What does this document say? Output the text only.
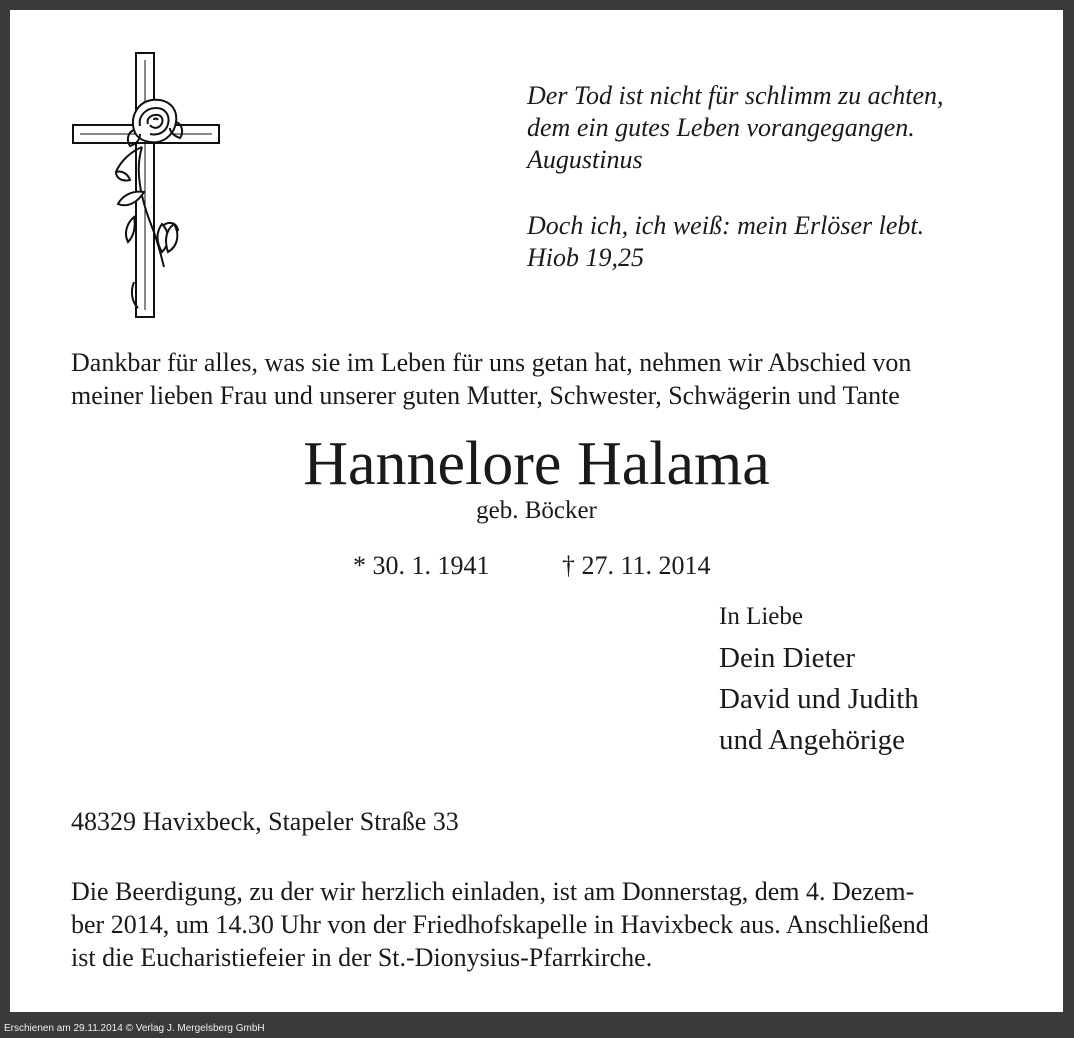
Der Tod ist nicht für schlimm zu achten,
dem ein gutes Leben vorangegangen.
Augustinus
Doch ich, ich weiß: mein Erlöser lebt.
Hiob 19,25
Dankbar für alles, was sie im Leben für uns getan hat, nehmen wir Abschied von
meiner lieben Frau und unserer guten Mutter, Schwester, Schwägerin und Tante
Hannelore Halama
geb. Böcker
* 30. 1. 1941	† 27. 11. 2014
In Liebe
Dein Dieter
David und Judith
und Angehörige
48329 Havixbeck, Stapeler Straße 33
Die Beerdigung, zu der wir herzlich einladen, ist am Donnerstag, dem 4. Dezem-
ber 2014, um 14.30 Uhr von der Friedhofskapelle in Havixbeck aus. Anschließend
ist die Eucharistiefeier in der St.-Dionysius-Pfarrkirche.
Erschienen am 29.11.2014 © Verlag J. Mergelsberg GmbH
